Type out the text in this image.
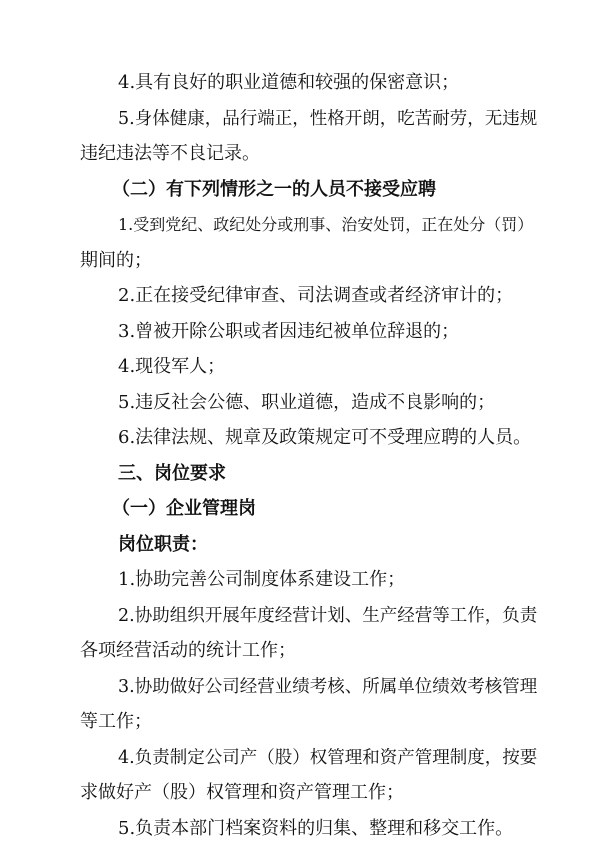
4.具有良好的职业道德和较强的保密意识；
5.身体健康，品行端正，性格开朗，吃苦耐劳，无违规
违纪违法等不良记录。
（二）有下列情形之一的人员不接受应聘
1.受到党纪、政纪处分或刑事、治安处罚，正在处分（罚）
期间的；
2.正在接受纪律审查、司法调查或者经济审计的；
3.曾被开除公职或者因违纪被单位辞退的；
4.现役军人；
5.违反社会公德、职业道德，造成不良影响的；
6.法律法规、规章及政策规定可不受理应聘的人员。
三、岗位要求
（一）企业管理岗
岗位职责：
1.协助完善公司制度体系建设工作；
2.协助组织开展年度经营计划、生产经营等工作，负责
各项经营活动的统计工作；
3.协助做好公司经营业绩考核、所属单位绩效考核管理
等工作；
4.负责制定公司产（股）权管理和资产管理制度，按要
求做好产（股）权管理和资产管理工作；
5.负责本部门档案资料的归集、整理和移交工作。
